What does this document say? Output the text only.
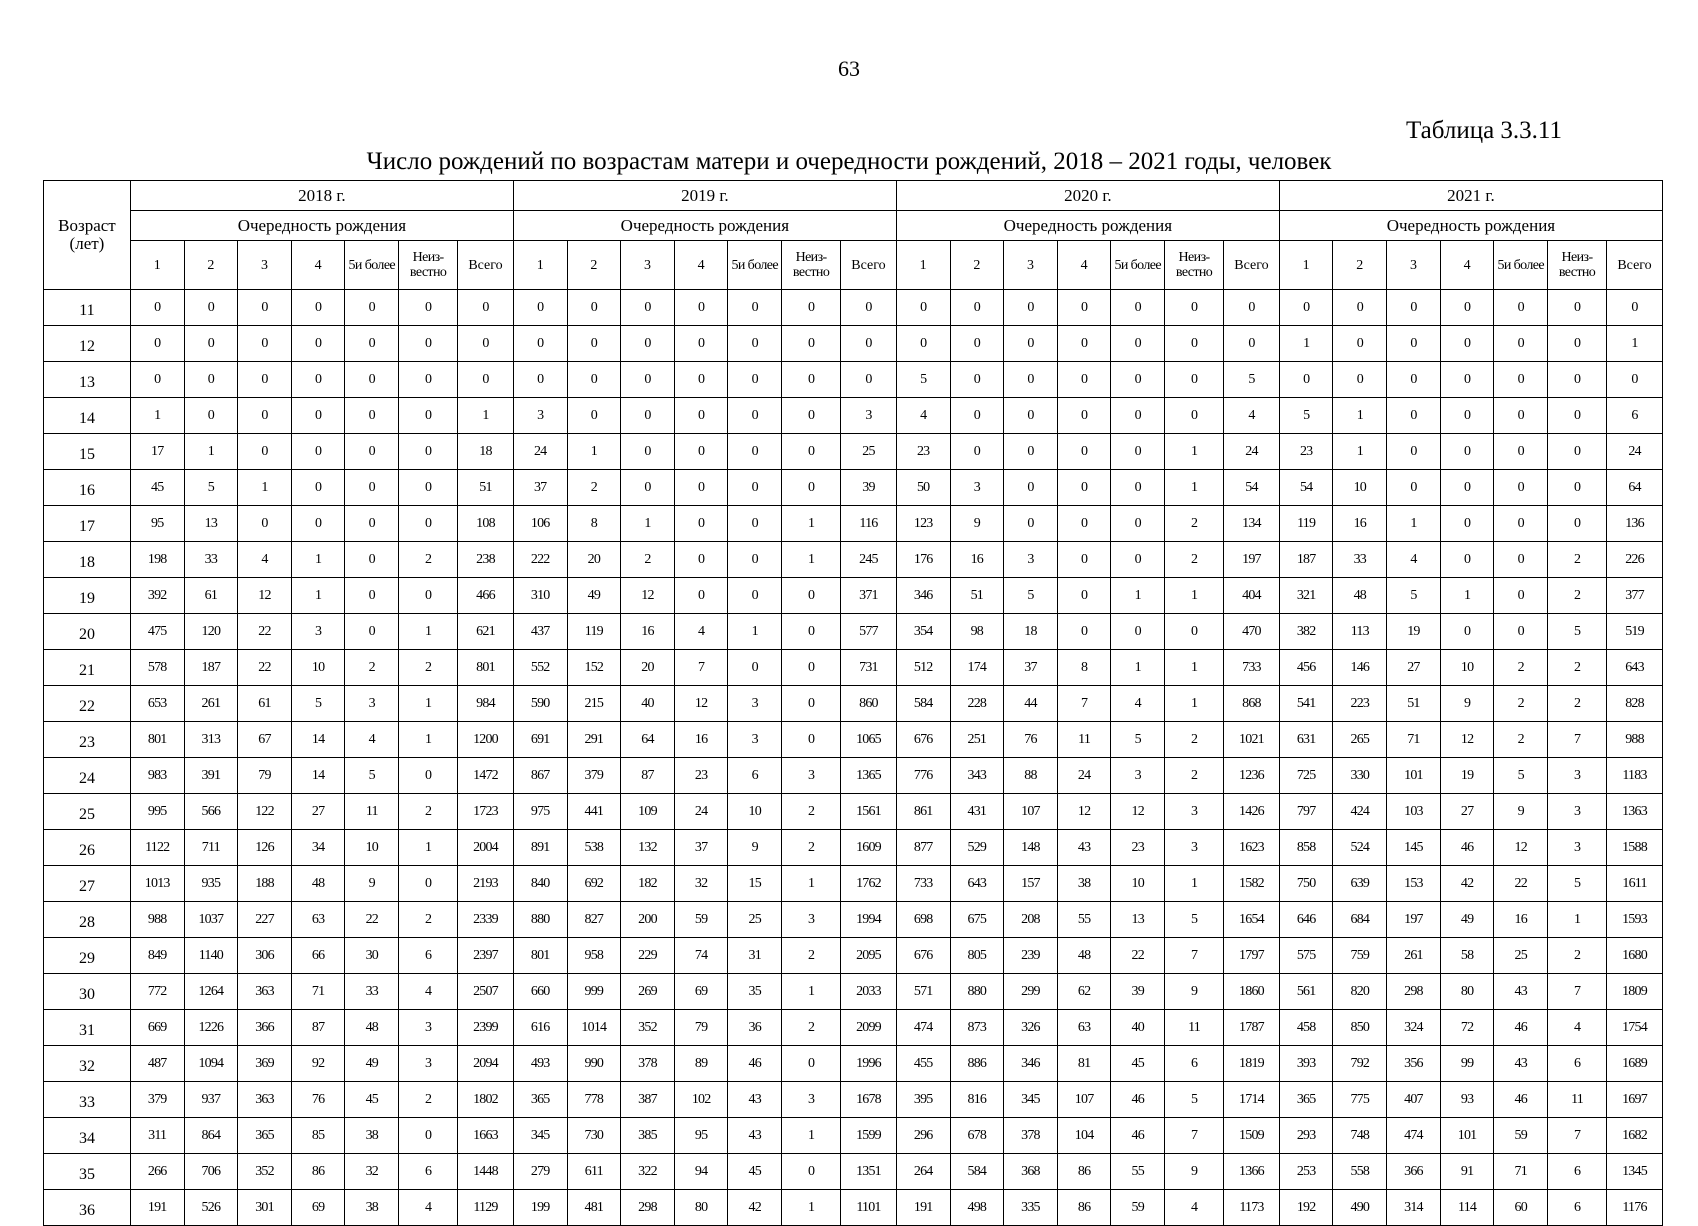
63
Таблица 3.3.11
Число рождений по возрастам матери и очередности рождений, 2018 – 2021 годы, человек
Возраст (лет)	2018 г.							2019 г.							2020 г.							2021 г.						
	Очередность рождения							Очередность рождения							Очередность рождения							Очередность рождения						
	1	2	3	4	5и более	Неиз-вестно	Всего	1	2	3	4	5и более	Неиз-вестно	Всего	1	2	3	4	5и более	Неиз-вестно	Всего	1	2	3	4	5и более	Неиз-вестно	Всего
11	0	0	0	0	0	0	0	0	0	0	0	0	0	0	0	0	0	0	0	0	0	0	0	0	0	0	0	0
12	0	0	0	0	0	0	0	0	0	0	0	0	0	0	0	0	0	0	0	0	0	1	0	0	0	0	0	1
13	0	0	0	0	0	0	0	0	0	0	0	0	0	0	5	0	0	0	0	0	5	0	0	0	0	0	0	0
14	1	0	0	0	0	0	1	3	0	0	0	0	0	3	4	0	0	0	0	0	4	5	1	0	0	0	0	6
15	17	1	0	0	0	0	18	24	1	0	0	0	0	25	23	0	0	0	0	1	24	23	1	0	0	0	0	24
16	45	5	1	0	0	0	51	37	2	0	0	0	0	39	50	3	0	0	0	1	54	54	10	0	0	0	0	64
17	95	13	0	0	0	0	108	106	8	1	0	0	1	116	123	9	0	0	0	2	134	119	16	1	0	0	0	136
18	198	33	4	1	0	2	238	222	20	2	0	0	1	245	176	16	3	0	0	2	197	187	33	4	0	0	2	226
19	392	61	12	1	0	0	466	310	49	12	0	0	0	371	346	51	5	0	1	1	404	321	48	5	1	0	2	377
20	475	120	22	3	0	1	621	437	119	16	4	1	0	577	354	98	18	0	0	0	470	382	113	19	0	0	5	519
21	578	187	22	10	2	2	801	552	152	20	7	0	0	731	512	174	37	8	1	1	733	456	146	27	10	2	2	643
22	653	261	61	5	3	1	984	590	215	40	12	3	0	860	584	228	44	7	4	1	868	541	223	51	9	2	2	828
23	801	313	67	14	4	1	1200	691	291	64	16	3	0	1065	676	251	76	11	5	2	1021	631	265	71	12	2	7	988
24	983	391	79	14	5	0	1472	867	379	87	23	6	3	1365	776	343	88	24	3	2	1236	725	330	101	19	5	3	1183
25	995	566	122	27	11	2	1723	975	441	109	24	10	2	1561	861	431	107	12	12	3	1426	797	424	103	27	9	3	1363
26	1122	711	126	34	10	1	2004	891	538	132	37	9	2	1609	877	529	148	43	23	3	1623	858	524	145	46	12	3	1588
27	1013	935	188	48	9	0	2193	840	692	182	32	15	1	1762	733	643	157	38	10	1	1582	750	639	153	42	22	5	1611
28	988	1037	227	63	22	2	2339	880	827	200	59	25	3	1994	698	675	208	55	13	5	1654	646	684	197	49	16	1	1593
29	849	1140	306	66	30	6	2397	801	958	229	74	31	2	2095	676	805	239	48	22	7	1797	575	759	261	58	25	2	1680
30	772	1264	363	71	33	4	2507	660	999	269	69	35	1	2033	571	880	299	62	39	9	1860	561	820	298	80	43	7	1809
31	669	1226	366	87	48	3	2399	616	1014	352	79	36	2	2099	474	873	326	63	40	11	1787	458	850	324	72	46	4	1754
32	487	1094	369	92	49	3	2094	493	990	378	89	46	0	1996	455	886	346	81	45	6	1819	393	792	356	99	43	6	1689
33	379	937	363	76	45	2	1802	365	778	387	102	43	3	1678	395	816	345	107	46	5	1714	365	775	407	93	46	11	1697
34	311	864	365	85	38	0	1663	345	730	385	95	43	1	1599	296	678	378	104	46	7	1509	293	748	474	101	59	7	1682
35	266	706	352	86	32	6	1448	279	611	322	94	45	0	1351	264	584	368	86	55	9	1366	253	558	366	91	71	6	1345
36	191	526	301	69	38	4	1129	199	481	298	80	42	1	1101	191	498	335	86	59	4	1173	192	490	314	114	60	6	1176
